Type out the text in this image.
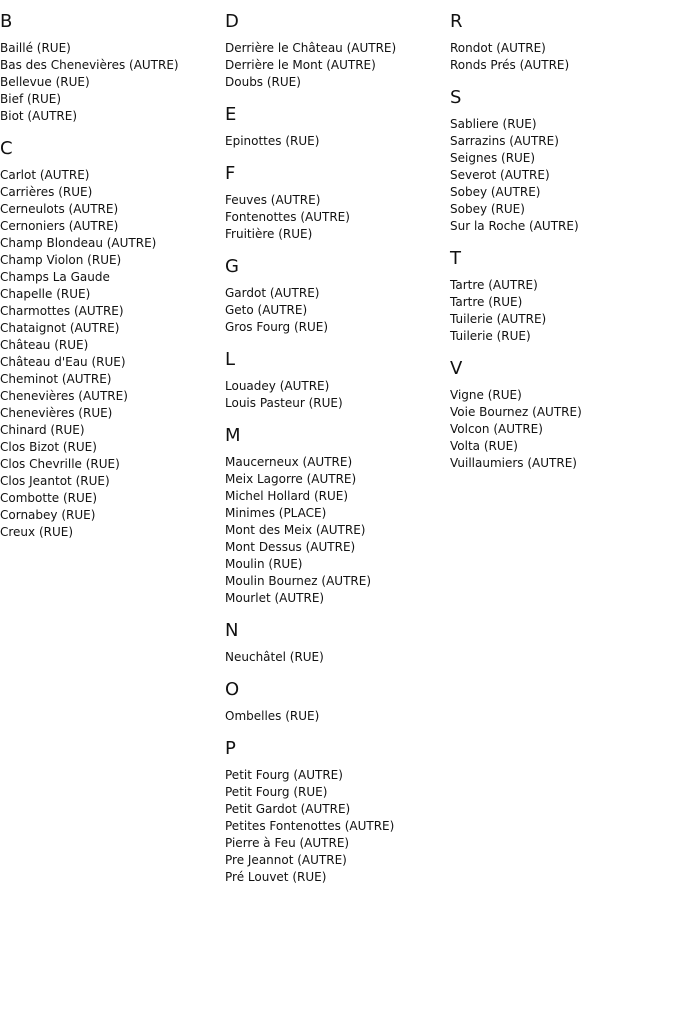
B
Baillé (RUE)
Bas des Chenevières (AUTRE)
Bellevue (RUE)
Bief (RUE)
Biot (AUTRE)
C
Carlot (AUTRE)
Carrières (RUE)
Cerneulots (AUTRE)
Cernoniers (AUTRE)
Champ Blondeau (AUTRE)
Champ Violon (RUE)
Champs La Gaude
Chapelle (RUE)
Charmottes (AUTRE)
Chataignot (AUTRE)
Château (RUE)
Château d'Eau (RUE)
Cheminot (AUTRE)
Chenevières (AUTRE)
Chenevières (RUE)
Chinard (RUE)
Clos Bizot (RUE)
Clos Chevrille (RUE)
Clos Jeantot (RUE)
Combotte (RUE)
Cornabey (RUE)
Creux (RUE)
D
Derrière le Château (AUTRE)
Derrière le Mont (AUTRE)
Doubs (RUE)
E
Epinottes (RUE)
F
Feuves (AUTRE)
Fontenottes (AUTRE)
Fruitière (RUE)
G
Gardot (AUTRE)
Geto (AUTRE)
Gros Fourg (RUE)
L
Louadey (AUTRE)
Louis Pasteur (RUE)
M
Maucerneux (AUTRE)
Meix Lagorre (AUTRE)
Michel Hollard (RUE)
Minimes (PLACE)
Mont des Meix (AUTRE)
Mont Dessus (AUTRE)
Moulin (RUE)
Moulin Bournez (AUTRE)
Mourlet (AUTRE)
N
Neuchâtel (RUE)
O
Ombelles (RUE)
P
Petit Fourg (AUTRE)
Petit Fourg (RUE)
Petit Gardot (AUTRE)
Petites Fontenottes (AUTRE)
Pierre à Feu (AUTRE)
Pre Jeannot (AUTRE)
Pré Louvet (RUE)
R
Rondot (AUTRE)
Ronds Prés (AUTRE)
S
Sabliere (RUE)
Sarrazins (AUTRE)
Seignes (RUE)
Severot (AUTRE)
Sobey (AUTRE)
Sobey (RUE)
Sur la Roche (AUTRE)
T
Tartre (AUTRE)
Tartre (RUE)
Tuilerie (AUTRE)
Tuilerie (RUE)
V
Vigne (RUE)
Voie Bournez (AUTRE)
Volcon (AUTRE)
Volta (RUE)
Vuillaumiers (AUTRE)
